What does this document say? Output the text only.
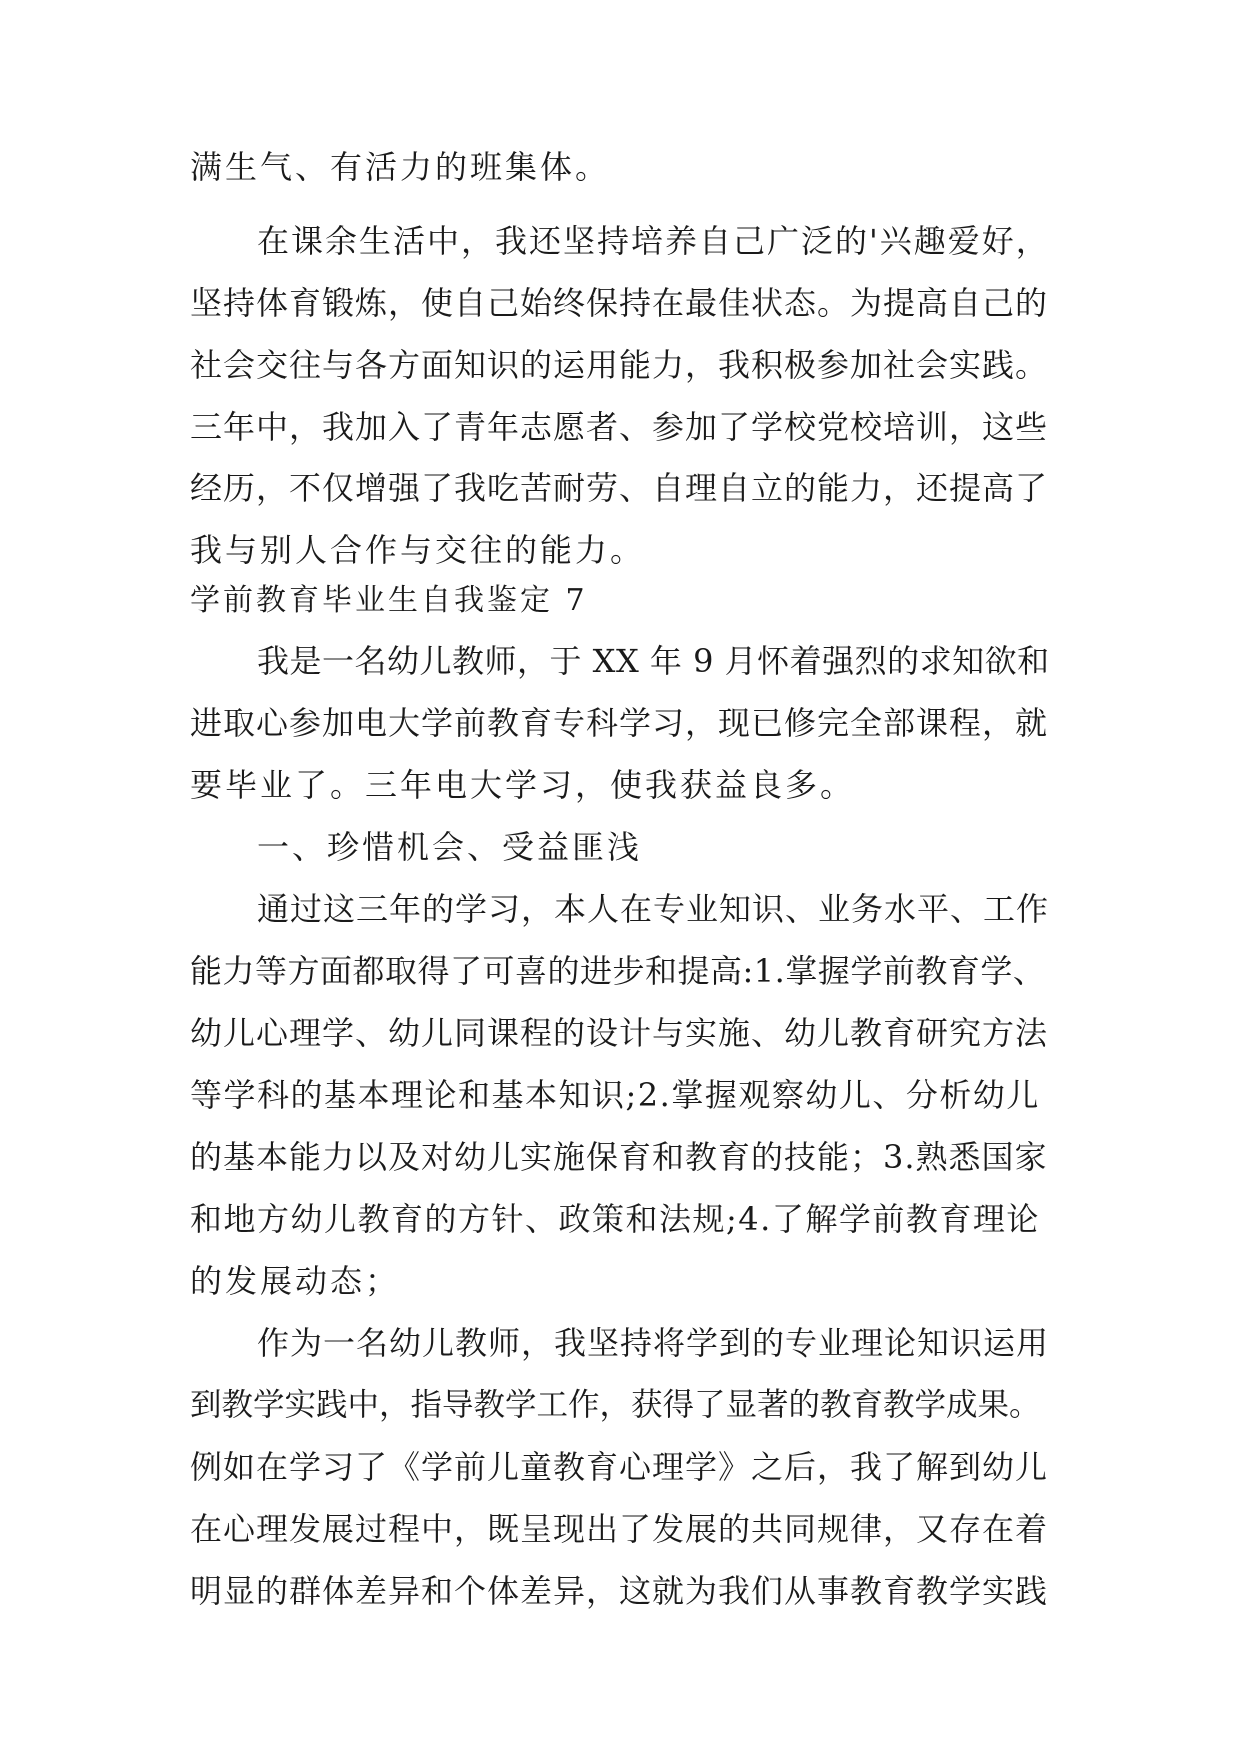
满生气、有活力的班集体。
在课余生活中，我还坚持培养自己广泛的'兴趣爱好，
坚持体育锻炼，使自己始终保持在最佳状态。为提高自己的
社会交往与各方面知识的运用能力，我积极参加社会实践。
三年中，我加入了青年志愿者、参加了学校党校培训，这些
经历，不仅增强了我吃苦耐劳、自理自立的能力，还提高了
我与别人合作与交往的能力。
学前教育毕业生自我鉴定 7
我是一名幼儿教师，于 XX 年 9 月怀着强烈的求知欲和
进取心参加电大学前教育专科学习，现已修完全部课程，就
要毕业了。三年电大学习，使我获益良多。
一、珍惜机会、受益匪浅
通过这三年的学习，本人在专业知识、业务水平、工作
能力等方面都取得了可喜的进步和提高:1.掌握学前教育学、
幼儿心理学、幼儿同课程的设计与实施、幼儿教育研究方法
等学科的基本理论和基本知识;2.掌握观察幼儿、分析幼儿
的基本能力以及对幼儿实施保育和教育的技能；3.熟悉国家
和地方幼儿教育的方针、政策和法规;4.了解学前教育理论
的发展动态；
作为一名幼儿教师，我坚持将学到的专业理论知识运用
到教学实践中，指导教学工作，获得了显著的教育教学成果。
例如在学习了《学前儿童教育心理学》之后，我了解到幼儿
在心理发展过程中，既呈现出了发展的共同规律，又存在着
明显的群体差异和个体差异，这就为我们从事教育教学实践
